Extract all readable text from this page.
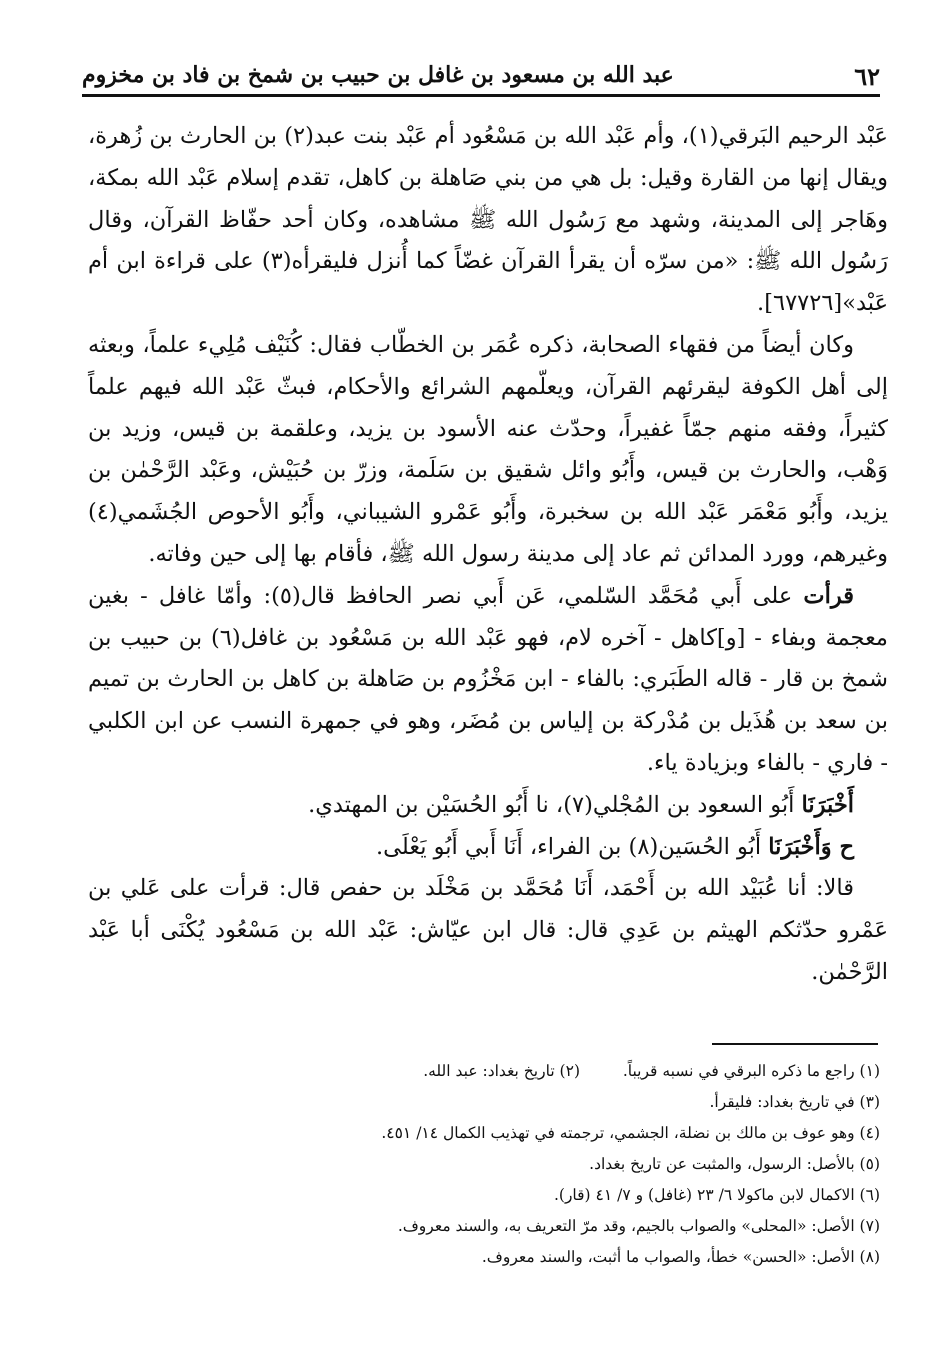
٦٢
عبد الله بن مسعود بن غافل بن حبيب بن شمخ بن فاد بن مخزوم

عَبْد الرحيم البَرقي(١)، وأم عَبْد الله بن مَسْعُود أم عَبْد بنت عبد(٢) بن الحارث بن زُهرة، ويقال إنها من القارة وقيل: بل هي من بني صَاهلة بن كاهل، تقدم إسلام عَبْد الله بمكة، وهَاجر إلى المدينة، وشهد مع رَسُول الله ﷺ مشاهده، وكان أحد حفّاظ القرآن، وقال رَسُول الله ﷺ: «من سرّه أن يقرأ القرآن غضّاً كما أُنزل فليقرأه(٣) على قراءة ابن أم عَبْد»[٦٧٧٢٦].

وكان أيضاً من فقهاء الصحابة، ذكره عُمَر بن الخطّاب فقال: كُنَيْف مُلِيء علماً، وبعثه إلى أهل الكوفة ليقرئهم القرآن، ويعلّمهم الشرائع والأحكام، فبثّ عَبْد الله فيهم علماً كثيراً، وفقه منهم جمّاً غفيراً، وحدّث عنه الأسود بن يزيد، وعلقمة بن قيس، وزيد بن وَهْب، والحارث بن قيس، وأَبُو وائل شقيق بن سَلَمة، وزرّ بن حُبَيْش، وعَبْد الرَّحْمٰن بن يزيد، وأَبُو مَعْمَر عَبْد الله بن سخبرة، وأَبُو عَمْرو الشيباني، وأَبُو الأحوص الجُشَمي(٤) وغيرهم، وورد المدائن ثم عاد إلى مدينة رسول الله ﷺ، فأقام بها إلى حين وفاته.

قرأت على أَبي مُحَمَّد السّلمي، عَن أَبي نصر الحافظ قال(٥): وأمّا غافل - بغين معجمة وبفاء - [و]كاهل - آخره لام، فهو عَبْد الله بن مَسْعُود بن غافل(٦) بن حبيب بن شمخ بن قار - قاله الطَبَري: بالفاء - ابن مَخْزُوم بن صَاهلة بن كاهل بن الحارث بن تميم بن سعد بن هُذَيل بن مُدْركة بن إلياس بن مُضَر، وهو في جمهرة النسب عن ابن الكلبي - فاري - بالفاء وبزيادة ياء.

أَخْبَرَنَا أَبُو السعود بن المُجْلي(٧)، نا أَبُو الحُسَيْن بن المهتدي.

ح وَأَخْبَرَنَا أَبُو الحُسَين(٨) بن الفراء، أَنَا أَبي أَبُو يَعْلَى.

قالا: أنا عُبَيْد الله بن أَحْمَد، أَنَا مُحَمَّد بن مَخْلَد بن حفص قال: قرأت على عَلي بن عَمْرو حدّثكم الهيثم بن عَدِي قال: قال ابن عيّاش: عَبْد الله بن مَسْعُود يُكْنَى أبا عَبْد الرَّحْمٰن.

(١) راجع ما ذكره البرقي في نسبه قريباً.
(٢) تاريخ بغداد: عبد الله.
(٣) في تاريخ بغداد: فليقرأ.
(٤) وهو عوف بن مالك بن نضلة، الجشمي، ترجمته في تهذيب الكمال ١٤/ ٤٥١.
(٥) بالأصل: الرسول، والمثبت عن تاريخ بغداد.
(٦) الاكمال لابن ماكولا ٦/ ٢٣ (غافل) و ٧/ ٤١ (قار).
(٧) الأصل: «المحلى» والصواب بالجيم، وقد مرّ التعريف به، والسند معروف.
(٨) الأصل: «الحسن» خطأ، والصواب ما أثبت، والسند معروف.
